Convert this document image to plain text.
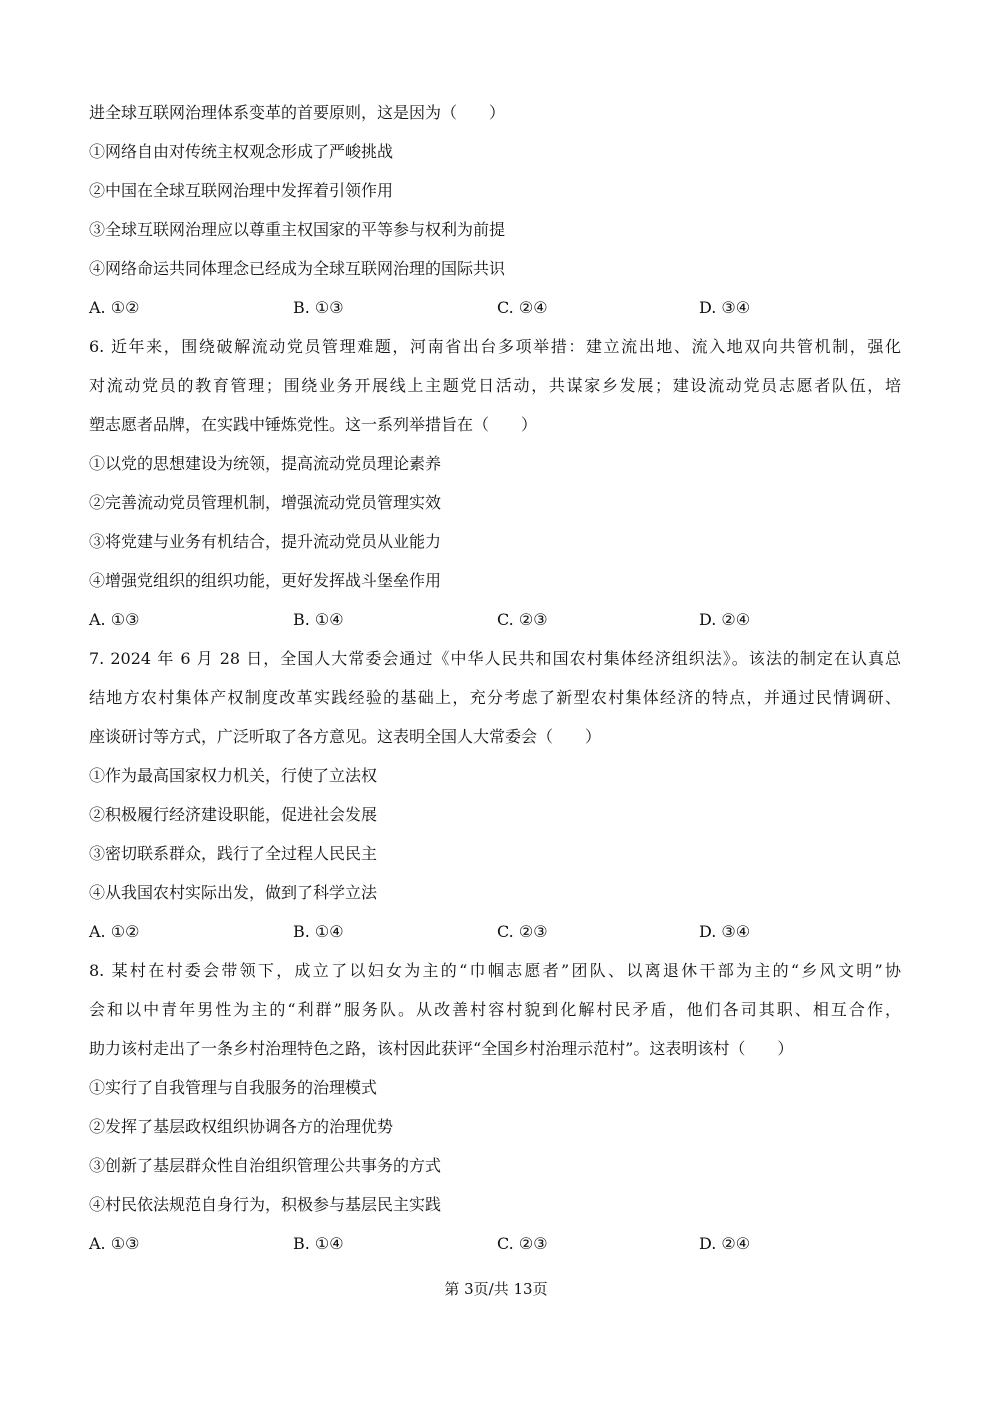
进全球互联网治理体系变革的首要原则，这是因为（　　）
①网络自由对传统主权观念形成了严峻挑战
②中国在全球互联网治理中发挥着引领作用
③全球互联网治理应以尊重主权国家的平等参与权利为前提
④网络命运共同体理念已经成为全球互联网治理的国际共识
A. ①②	B. ①③	C. ②④	D. ③④
6. 近年来，围绕破解流动党员管理难题，河南省出台多项举措：建立流出地、流入地双向共管机制，强化
对流动党员的教育管理；围绕业务开展线上主题党日活动，共谋家乡发展；建设流动党员志愿者队伍，培
塑志愿者品牌，在实践中锤炼党性。这一系列举措旨在（　　）
①以党的思想建设为统领，提高流动党员理论素养
②完善流动党员管理机制，增强流动党员管理实效
③将党建与业务有机结合，提升流动党员从业能力
④增强党组织的组织功能，更好发挥战斗堡垒作用
A. ①③	B. ①④	C. ②③	D. ②④
7. 2024 年 6 月 28 日，全国人大常委会通过《中华人民共和国农村集体经济组织法》。该法的制定在认真总
结地方农村集体产权制度改革实践经验的基础上，充分考虑了新型农村集体经济的特点，并通过民情调研、
座谈研讨等方式，广泛听取了各方意见。这表明全国人大常委会（　　）
①作为最高国家权力机关，行使了立法权
②积极履行经济建设职能，促进社会发展
③密切联系群众，践行了全过程人民民主
④从我国农村实际出发，做到了科学立法
A. ①②	B. ①④	C. ②③	D. ③④
8. 某村在村委会带领下，成立了以妇女为主的“巾帼志愿者”团队、以离退休干部为主的“乡风文明”协
会和以中青年男性为主的“利群”服务队。从改善村容村貌到化解村民矛盾，他们各司其职、相互合作，
助力该村走出了一条乡村治理特色之路，该村因此获评“全国乡村治理示范村”。这表明该村（　　）
①实行了自我管理与自我服务的治理模式
②发挥了基层政权组织协调各方的治理优势
③创新了基层群众性自治组织管理公共事务的方式
④村民依法规范自身行为，积极参与基层民主实践
A. ①③	B. ①④	C. ②③	D. ②④
第 3页/共 13页
